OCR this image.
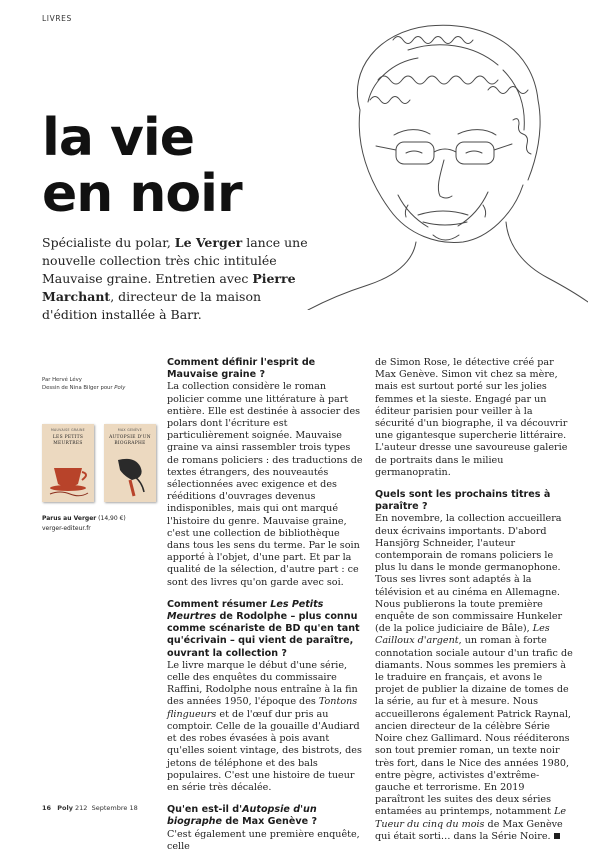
LIVRES
la vie
en noir

Spécialiste du polar, Le Verger lance une nouvelle collection très chic intitulée Mauvaise graine. Entretien avec Pierre Marchant, directeur de la maison d'édition installée à Barr.

Par Hervé Lévy
Dessin de Nina Bilger pour Poly
MAUVAISE GRAINE
LES PETITS MEURTRES
MAX GENÈVE
AUTOPSIE D'UN BIOGRAPHE
Parus au Verger (14,90 €)
verger-editeur.fr

Comment définir l'esprit de Mauvaise graine ?

La collection considère le roman policier comme une littérature à part entière. Elle est destinée à associer des polars dont l'écriture est particulièrement soignée. Mauvaise graine va ainsi rassembler trois types de romans policiers : des traductions de textes étrangers, des nouveautés sélectionnées avec exigence et des rééditions d'ouvrages devenus indisponibles, mais qui ont marqué l'histoire du genre. Mauvaise graine, c'est une collection de bibliothèque dans tous les sens du terme. Par le soin apporté à l'objet, d'une part. Et par la qualité de la sélection, d'autre part : ce sont des livres qu'on garde avec soi.

Comment résumer Les Petits Meurtres de Rodolphe – plus connu comme scénariste de BD qu'en tant qu'écrivain – qui vient de paraître, ouvrant la collection ?

Le livre marque le début d'une série, celle des enquêtes du commissaire Raffini, Rodolphe nous entraîne à la fin des années 1950, l'époque des Tontons flingueurs et de l'œuf dur pris au comptoir. Celle de la gouaille d'Audiard et des robes évasées à pois avant qu'elles soient vintage, des bistrots, des jetons de téléphone et des bals populaires. C'est une histoire de tueur en série très décalée.

Qu'en est-il d'Autopsie d'un biographe de Max Genève ?

C'est également une première enquête, celle

de Simon Rose, le détective créé par Max Genève. Simon vit chez sa mère, mais est surtout porté sur les jolies femmes et la sieste. Engagé par un éditeur parisien pour veiller à la sécurité d'un biographe, il va découvrir une gigantesque supercherie littéraire. L'auteur dresse une savoureuse galerie de portraits dans le milieu germanopratin.

Quels sont les prochains titres à paraître ?

En novembre, la collection accueillera deux écrivains importants. D'abord Hansjörg Schneider, l'auteur contemporain de romans policiers le plus lu dans le monde germanophone. Tous ses livres sont adaptés à la télévision et au cinéma en Allemagne. Nous publierons la toute première enquête de son commissaire Hunkeler (de la police judiciaire de Bâle), Les Cailloux d'argent, un roman à forte connotation sociale autour d'un trafic de diamants. Nous sommes les premiers à le traduire en français, et avons le projet de publier la dizaine de tomes de la série, au fur et à mesure. Nous accueillerons également Patrick Raynal, ancien directeur de la célèbre Série Noire chez Gallimard. Nous rééditerons son tout premier roman, un texte noir très fort, dans le Nice des années 1980, entre pègre, activistes d'extrême-gauche et terrorisme. En 2019 paraîtront les suites des deux séries entamées au printemps, notamment Le Tueur du cinq du mois de Max Genève qui était sorti… dans la Série Noire.

16 Poly 212 Septembre 18
